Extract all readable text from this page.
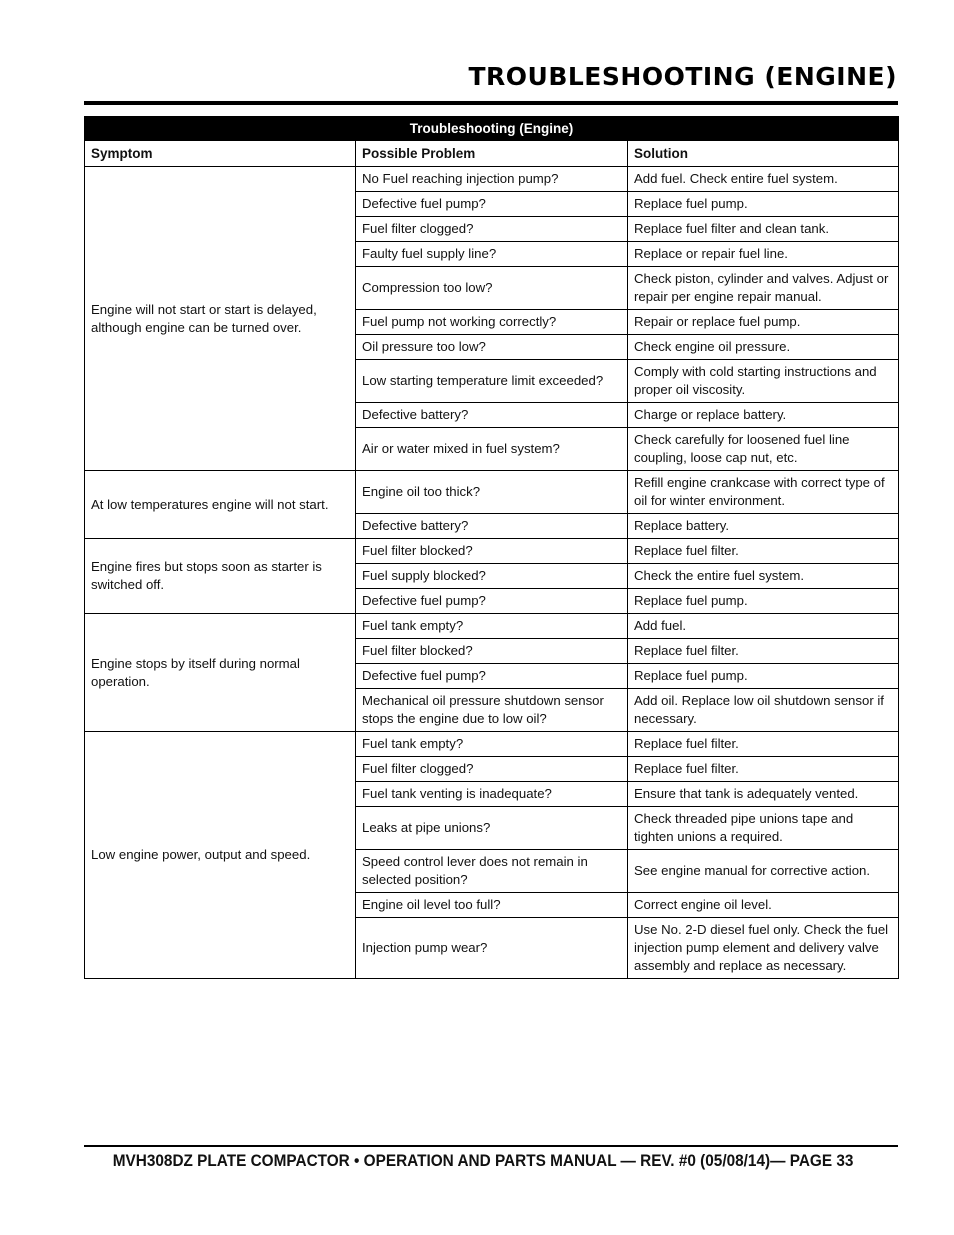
TROUBLESHOOTING (ENGINE)
Troubleshooting (Engine)		
Symptom	Possible Problem	Solution
Engine will not start or start is delayed, although engine can be turned over.	No Fuel reaching injection pump?	Add fuel. Check entire fuel system.
	Defective fuel pump?	Replace fuel pump.
	Fuel filter clogged?	Replace fuel filter and clean tank.
	Faulty fuel supply line?	Replace or repair fuel line.
	Compression too low?	Check piston, cylinder and valves. Adjust or repair per engine repair manual.
	Fuel pump not working correctly?	Repair or replace fuel pump.
	Oil pressure too low?	Check engine oil pressure.
	Low starting temperature limit exceeded?	Comply with cold starting instructions and proper oil viscosity.
	Defective battery?	Charge or replace battery.
	Air or water mixed in fuel system?	Check carefully for loosened fuel line coupling, loose cap nut, etc.
At low temperatures engine will not start.	Engine oil too thick?	Refill engine crankcase with correct type of oil for winter environment.
	Defective battery?	Replace battery.
Engine fires but stops soon as starter is switched off.	Fuel filter blocked?	Replace fuel filter.
	Fuel supply blocked?	Check the entire fuel system.
	Defective fuel pump?	Replace fuel pump.
Engine stops by itself during normal operation.	Fuel tank empty?	Add fuel.
	Fuel filter blocked?	Replace fuel filter.
	Defective fuel pump?	Replace fuel pump.
	Mechanical oil pressure shutdown sensor stops the engine due to low oil?	Add oil. Replace low oil shutdown sensor if necessary.
Low engine power, output and speed.	Fuel tank empty?	Replace fuel filter.
	Fuel filter clogged?	Replace fuel filter.
	Fuel tank venting is inadequate?	Ensure that tank is adequately vented.
	Leaks at pipe unions?	Check threaded pipe unions tape and tighten unions a required.
	Speed control lever does not remain in selected position?	See engine manual for corrective action.
	Engine oil level too full?	Correct engine oil level.
	Injection pump wear?	Use No. 2-D diesel fuel only. Check the fuel injection pump element and delivery valve assembly and replace as necessary.
MVH308DZ PLATE COMPACTOR • OPERATION AND PARTS MANUAL — REV. #0 (05/08/14)— PAGE 33
